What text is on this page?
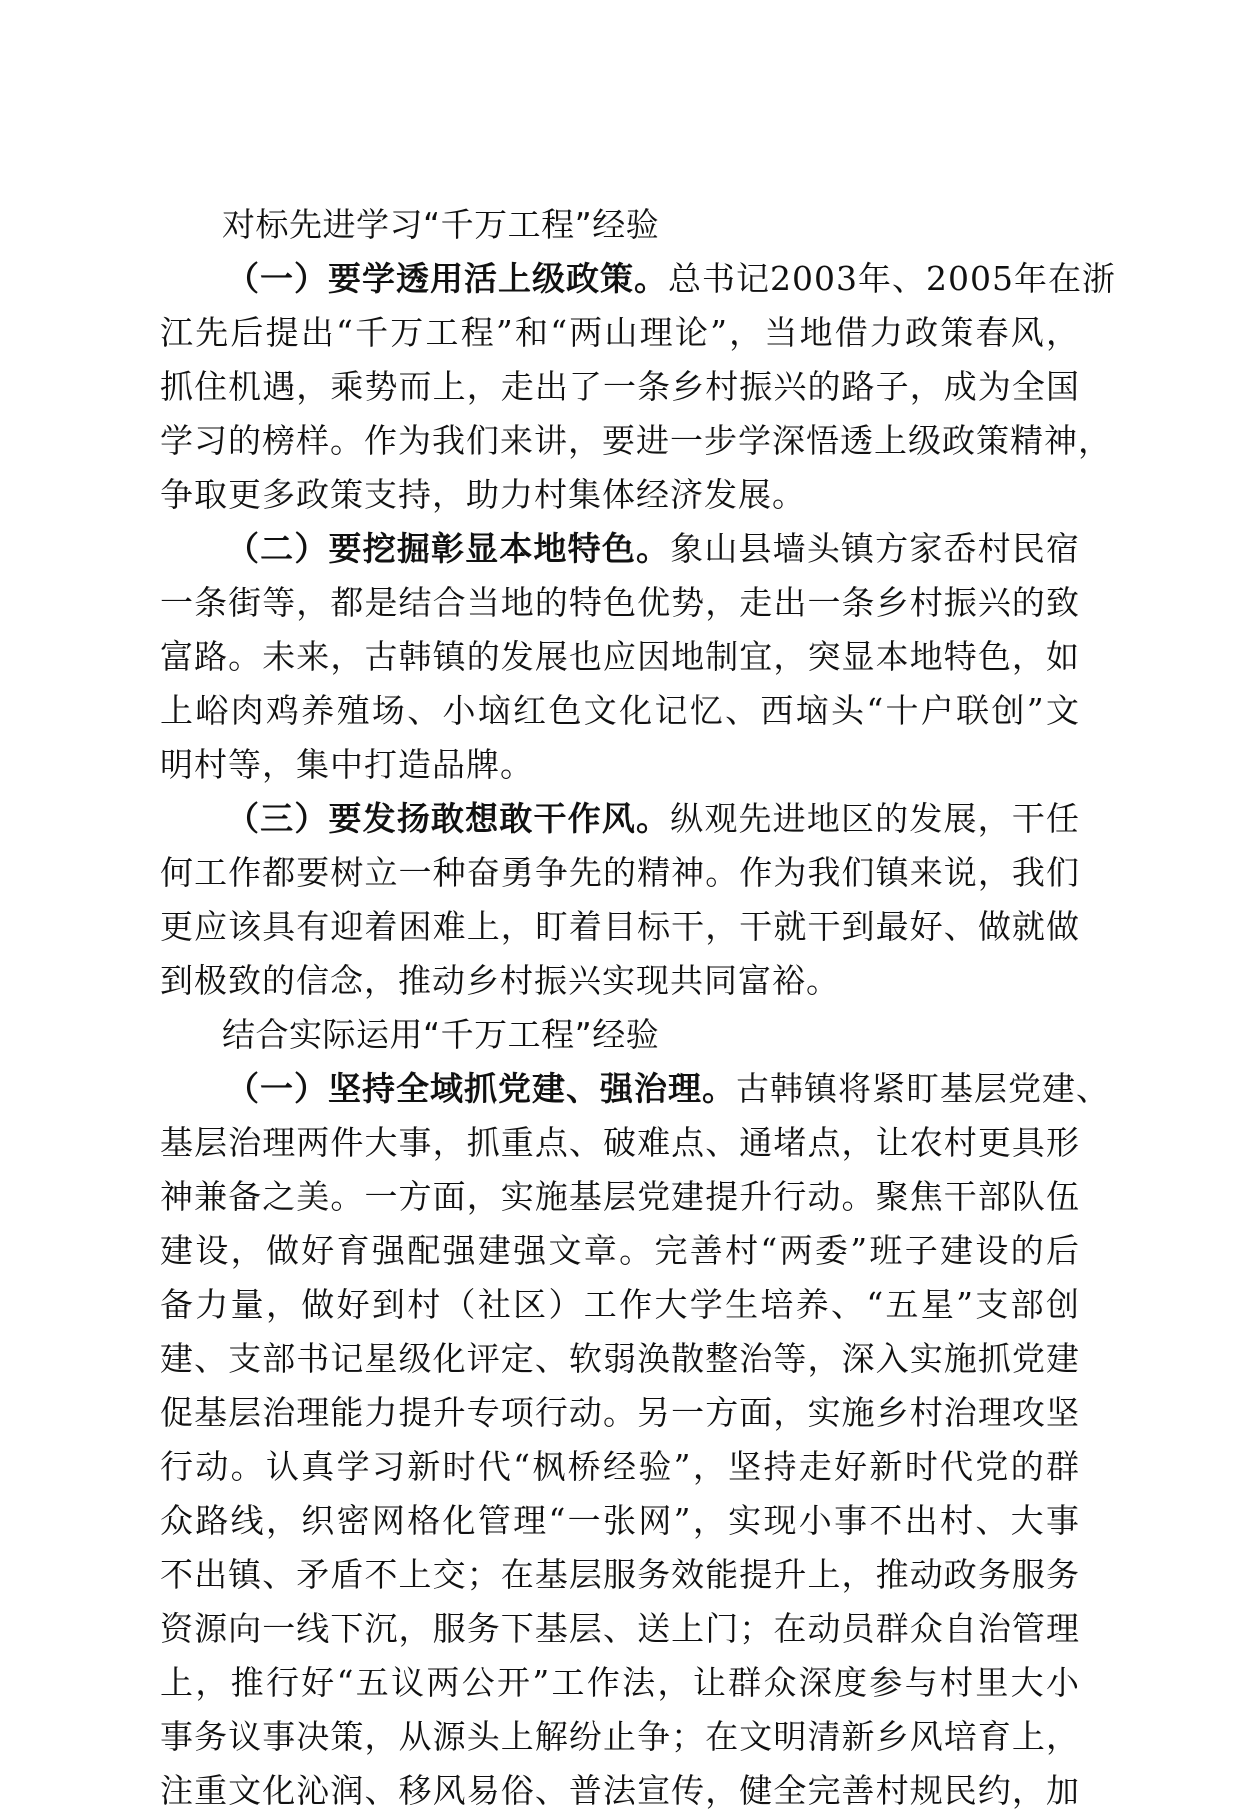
对标先进学习“千万工程”经验
（一）要学透用活上级政策。总书记2003年、2005年在浙
江先后提出“千万工程”和“两山理论”，当地借力政策春风，
抓住机遇，乘势而上，走出了一条乡村振兴的路子，成为全国
学习的榜样。作为我们来讲，要进一步学深悟透上级政策精神，
争取更多政策支持，助力村集体经济发展。
（二）要挖掘彰显本地特色。象山县墙头镇方家岙村民宿
一条街等，都是结合当地的特色优势，走出一条乡村振兴的致
富路。未来，古韩镇的发展也应因地制宜，突显本地特色，如
上峪肉鸡养殖场、小垴红色文化记忆、西垴头“十户联创”文
明村等，集中打造品牌。
（三）要发扬敢想敢干作风。纵观先进地区的发展，干任
何工作都要树立一种奋勇争先的精神。作为我们镇来说，我们
更应该具有迎着困难上，盯着目标干，干就干到最好、做就做
到极致的信念，推动乡村振兴实现共同富裕。
结合实际运用“千万工程”经验
（一）坚持全域抓党建、强治理。古韩镇将紧盯基层党建、
基层治理两件大事，抓重点、破难点、通堵点，让农村更具形
神兼备之美。一方面，实施基层党建提升行动。聚焦干部队伍
建设，做好育强配强建强文章。完善村“两委”班子建设的后
备力量，做好到村（社区）工作大学生培养、“五星”支部创
建、支部书记星级化评定、软弱涣散整治等，深入实施抓党建
促基层治理能力提升专项行动。另一方面，实施乡村治理攻坚
行动。认真学习新时代“枫桥经验”，坚持走好新时代党的群
众路线，织密网格化管理“一张网”，实现小事不出村、大事
不出镇、矛盾不上交；在基层服务效能提升上，推动政务服务
资源向一线下沉，服务下基层、送上门；在动员群众自治管理
上，推行好“五议两公开”工作法，让群众深度参与村里大小
事务议事决策，从源头上解纷止争；在文明清新乡风培育上，
注重文化沁润、移风易俗、普法宣传，健全完善村规民约，加
